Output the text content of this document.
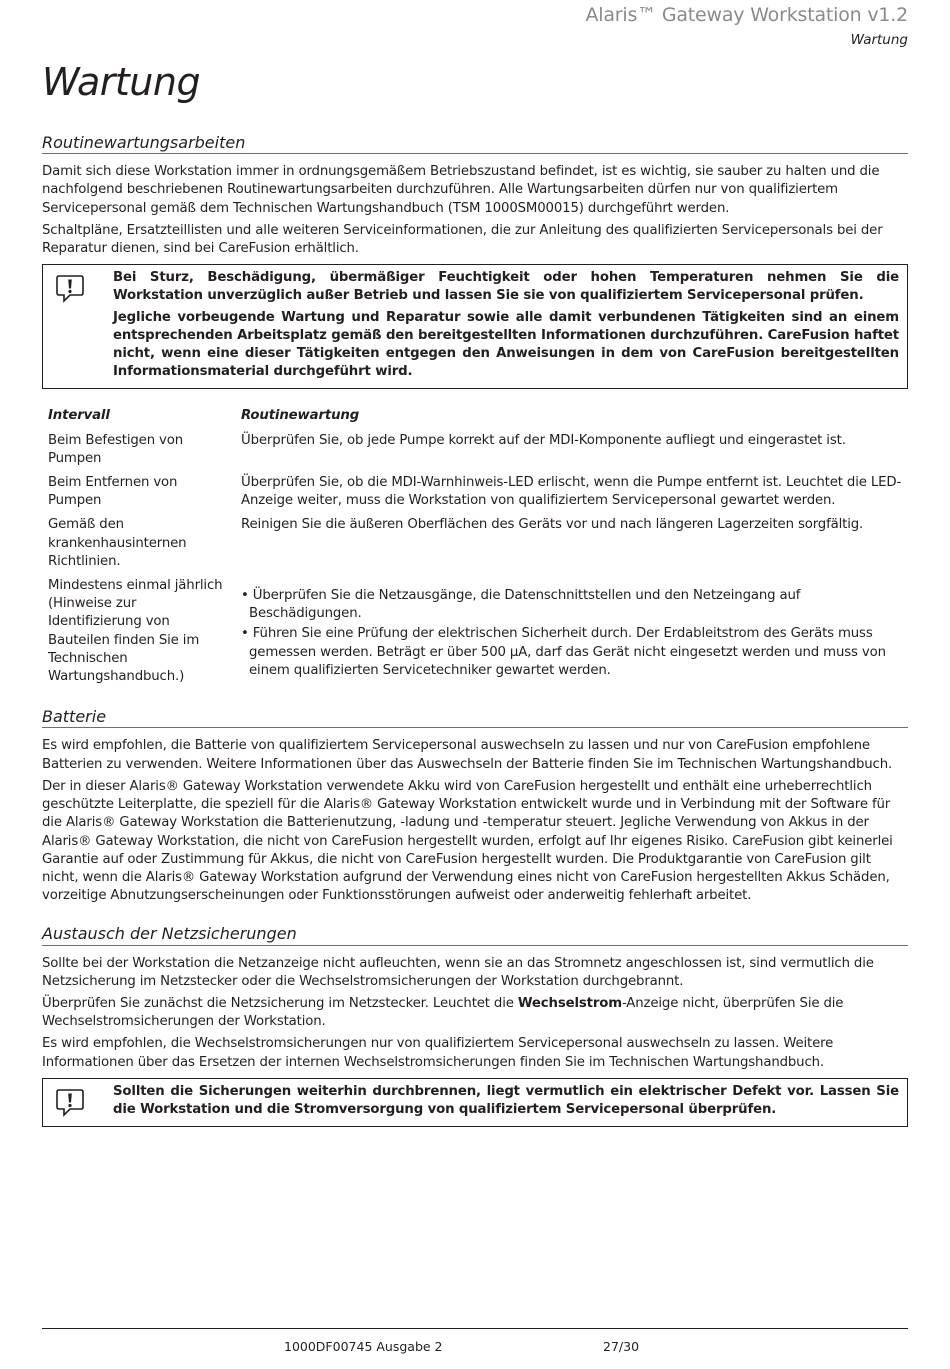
Alaris™ Gateway Workstation v1.2
Wartung
Wartung
Routinewartungsarbeiten

Damit sich diese Workstation immer in ordnungsgemäßem Betriebszustand befindet, ist es wichtig, sie sauber zu halten und die nachfolgend beschriebenen Routinewartungsarbeiten durchzuführen. Alle Wartungsarbeiten dürfen nur von qualifiziertem Servicepersonal gemäß dem Technischen Wartungshandbuch (TSM 1000SM00015) durchgeführt werden.

Schaltpläne, Ersatzteillisten und alle weiteren Serviceinformationen, die zur Anleitung des qualifizierten Servicepersonals bei der Reparatur dienen, sind bei CareFusion erhältlich.

Bei Sturz, Beschädigung, übermäßiger Feuchtigkeit oder hohen Temperaturen nehmen Sie die Workstation unverzüglich außer Betrieb und lassen Sie sie von qualifiziertem Servicepersonal prüfen.

Jegliche vorbeugende Wartung und Reparatur sowie alle damit verbundenen Tätigkeiten sind an einem entsprechenden Arbeitsplatz gemäß den bereitgestellten Informationen durchzuführen. CareFusion haftet nicht, wenn eine dieser Tätigkeiten entgegen den Anweisungen in dem von CareFusion bereitgestellten Informationsmaterial durchgeführt wird.

Intervall	Routinewartung
Beim Befestigen von Pumpen	Überprüfen Sie, ob jede Pumpe korrekt auf der MDI-Komponente aufliegt und eingerastet ist.
Beim Entfernen von Pumpen	Überprüfen Sie, ob die MDI-Warnhinweis-LED erlischt, wenn die Pumpe entfernt ist. Leuchtet die LED-Anzeige weiter, muss die Workstation von qualifiziertem Servicepersonal gewartet werden.
Gemäß den krankenhausinternen Richtlinien.	Reinigen Sie die äußeren Oberflächen des Geräts vor und nach längeren Lagerzeiten sorgfältig.
Mindestens einmal jährlich (Hinweise zur Identifizierung von Bauteilen finden Sie im Technischen Wartungshandbuch.)	• Überprüfen Sie die Netzausgänge, die Datenschnittstellen und den Netzeingang auf Beschädigungen.

• Führen Sie eine Prüfung der elektrischen Sicherheit durch. Der Erdableitstrom des Geräts muss gemessen werden. Beträgt er über 500 µA, darf das Gerät nicht eingesetzt werden und muss von einem qualifizierten Servicetechniker gewartet werden.

Batterie

Es wird empfohlen, die Batterie von qualifiziertem Servicepersonal auswechseln zu lassen und nur von CareFusion empfohlene Batterien zu verwenden. Weitere Informationen über das Auswechseln der Batterie finden Sie im Technischen Wartungshandbuch.

Der in dieser Alaris® Gateway Workstation verwendete Akku wird von CareFusion hergestellt und enthält eine urheberrechtlich geschützte Leiterplatte, die speziell für die Alaris® Gateway Workstation entwickelt wurde und in Verbindung mit der Software für die Alaris® Gateway Workstation die Batterienutzung, -ladung und -temperatur steuert. Jegliche Verwendung von Akkus in der Alaris® Gateway Workstation, die nicht von CareFusion hergestellt wurden, erfolgt auf Ihr eigenes Risiko. CareFusion gibt keinerlei Garantie auf oder Zustimmung für Akkus, die nicht von CareFusion hergestellt wurden. Die Produktgarantie von CareFusion gilt nicht, wenn die Alaris® Gateway Workstation aufgrund der Verwendung eines nicht von CareFusion hergestellten Akkus Schäden, vorzeitige Abnutzungserscheinungen oder Funktionsstörungen aufweist oder anderweitig fehlerhaft arbeitet.

Austausch der Netzsicherungen

Sollte bei der Workstation die Netzanzeige nicht aufleuchten, wenn sie an das Stromnetz angeschlossen ist, sind vermutlich die Netzsicherung im Netzstecker oder die Wechselstromsicherungen der Workstation durchgebrannt.

Überprüfen Sie zunächst die Netzsicherung im Netzstecker. Leuchtet die Wechselstrom-Anzeige nicht, überprüfen Sie die Wechselstromsicherungen der Workstation.

Es wird empfohlen, die Wechselstromsicherungen nur von qualifiziertem Servicepersonal auswechseln zu lassen. Weitere Informationen über das Ersetzen der internen Wechselstromsicherungen finden Sie im Technischen Wartungshandbuch.

Sollten die Sicherungen weiterhin durchbrennen, liegt vermutlich ein elektrischer Defekt vor. Lassen Sie die Workstation und die Stromversorgung von qualifiziertem Servicepersonal überprüfen.

1000DF00745 Ausgabe 2	27/30
